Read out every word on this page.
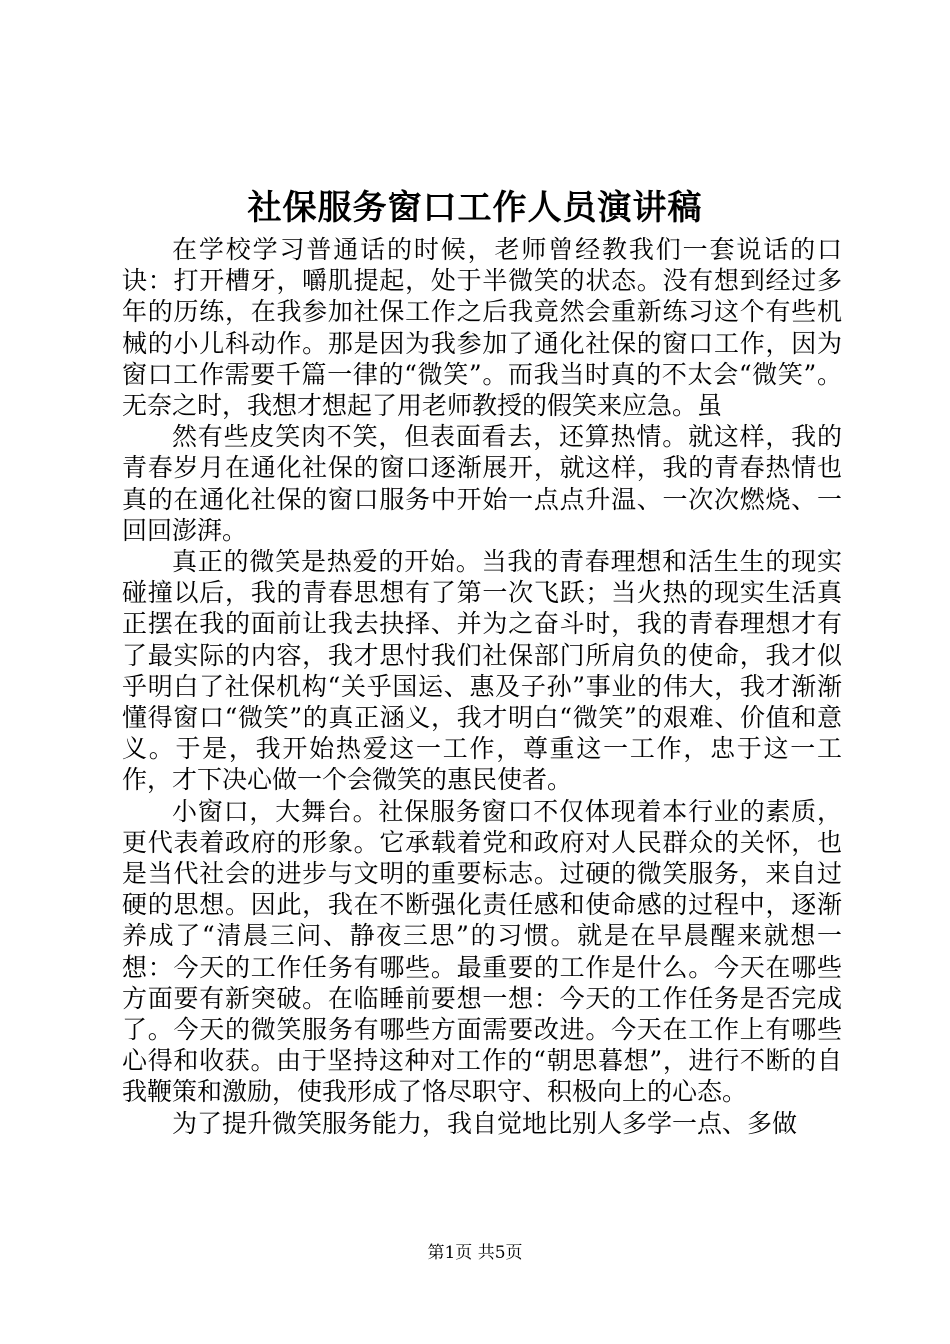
社保服务窗口工作人员演讲稿

在学校学习普通话的时候，老师曾经教我们一套说话的口诀：打开槽牙，嚼肌提起，处于半微笑的状态。没有想到经过多年的历练，在我参加社保工作之后我竟然会重新练习这个有些机械的小儿科动作。那是因为我参加了通化社保的窗口工作，因为窗口工作需要千篇一律的“微笑”。而我当时真的不太会“微笑”。无奈之时，我想才想起了用老师教授的假笑来应急。虽

然有些皮笑肉不笑，但表面看去，还算热情。就这样，我的青春岁月在通化社保的窗口逐渐展开，就这样，我的青春热情也真的在通化社保的窗口服务中开始一点点升温、一次次燃烧、一回回澎湃。

真正的微笑是热爱的开始。当我的青春理想和活生生的现实碰撞以后，我的青春思想有了第一次飞跃；当火热的现实生活真正摆在我的面前让我去抉择、并为之奋斗时，我的青春理想才有了最实际的内容，我才思忖我们社保部门所肩负的使命，我才似乎明白了社保机构“关乎国运、惠及子孙”事业的伟大，我才渐渐懂得窗口“微笑”的真正涵义，我才明白“微笑”的艰难、价值和意义。于是，我开始热爱这一工作，尊重这一工作，忠于这一工作，才下决心做一个会微笑的惠民使者。

小窗口，大舞台。社保服务窗口不仅体现着本行业的素质，更代表着政府的形象。它承载着党和政府对人民群众的关怀，也是当代社会的进步与文明的重要标志。过硬的微笑服务，来自过硬的思想。因此，我在不断强化责任感和使命感的过程中，逐渐养成了“清晨三问、静夜三思”的习惯。就是在早晨醒来就想一想：今天的工作任务有哪些。最重要的工作是什么。今天在哪些方面要有新突破。在临睡前要想一想：今天的工作任务是否完成了。今天的微笑服务有哪些方面需要改进。今天在工作上有哪些心得和收获。由于坚持这种对工作的“朝思暮想”，进行不断的自我鞭策和激励，使我形成了恪尽职守、积极向上的心态。

为了提升微笑服务能力，我自觉地比别人多学一点、多做

第1页 共5页
